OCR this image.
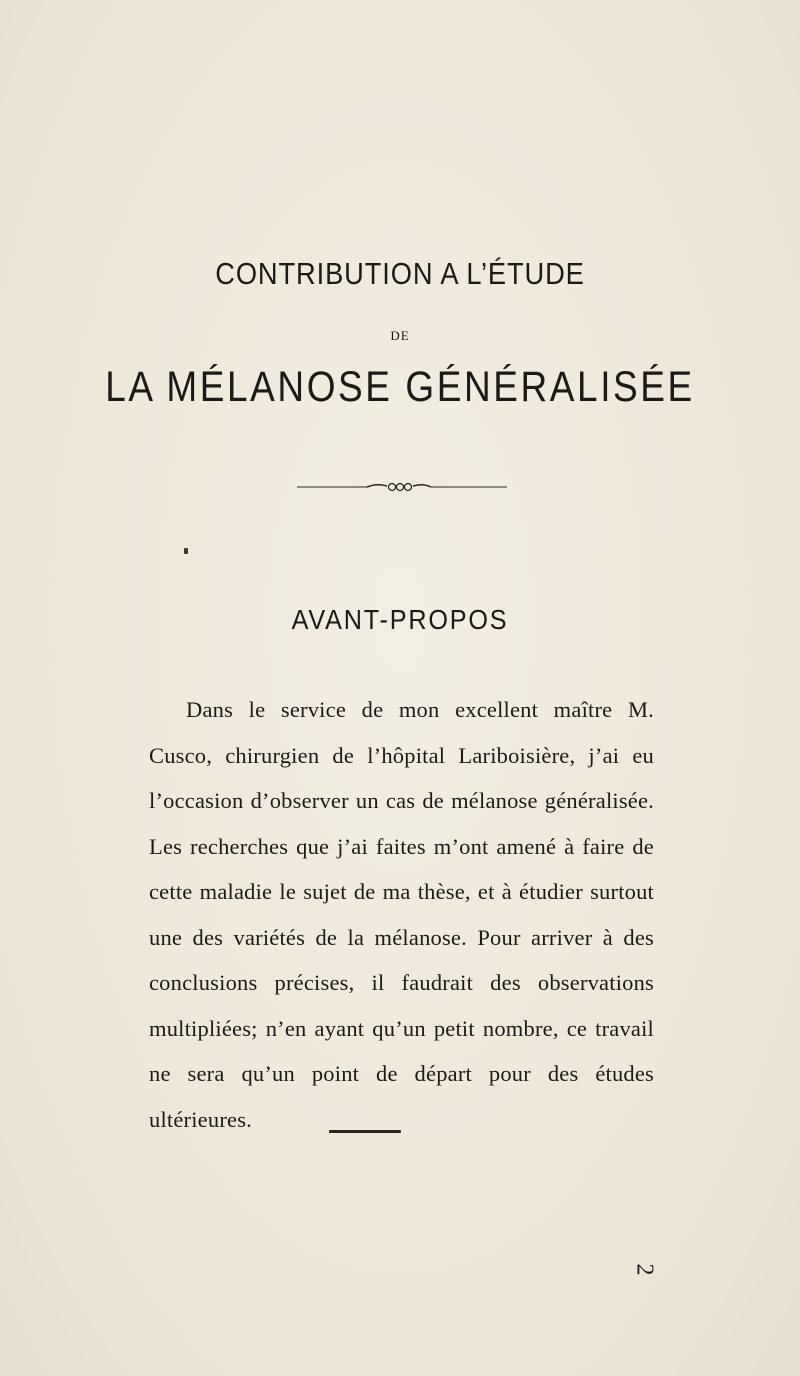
CONTRIBUTION A L’ÉTUDE
DE
LA MÉLANOSE GÉNÉRALISÉE
AVANT-PROPOS

Dans le service de mon excellent maître M. Cusco, chirurgien de l’hôpital Lariboisière, j’ai eu l’occasion d’observer un cas de mélanose généralisée. Les recherches que j’ai faites m’ont amené à faire de cette maladie le sujet de ma thèse, et à étudier surtout une des variétés de la mélanose. Pour arriver à des conclusions précises, il faudrait des observations multipliées; n’en ayant qu’un petit nombre, ce travail ne sera qu’un point de départ pour des études ultérieures.

2
